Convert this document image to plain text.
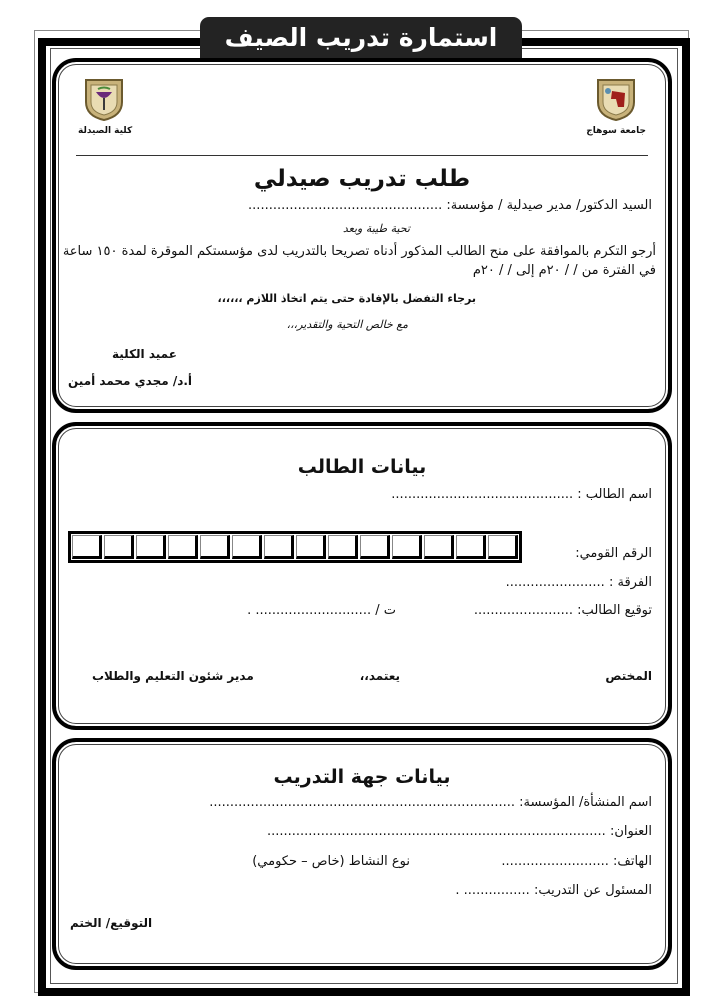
استمارة تدريب الصيف
جامعة سوهاج
كلية الصيدلة
طلب تدريب صيدلي
السيد الدكتور/ مدير صيدلية / مؤسسة: ...............................................
تحية طيبة وبعد
أرجو التكرم بالموافقة على منح الطالب المذكور أدناه تصريحا بالتدريب لدى مؤسستكم الموقرة لمدة ١٥٠ ساعة
في الفترة من / / ٢٠م إلى / / ٢٠م
برجاء التفضل بالإفادة حتى يتم اتخاذ اللازم ،،،،،،
مع خالص التحية والتقدير،،،
عميد الكلية
أ.د/ مجدي محمد أمين
بيانات الطالب
اسم الطالب : ............................................
الرقم القومي:
الفرقة : ........................
توقيع الطالب: ........................
ت / ............................ .
المختص
يعتمد،،
مدير شئون التعليم والطلاب
بيانات جهة التدريب
اسم المنشأة/ المؤسسة: ..........................................................................
العنوان: ..................................................................................
الهاتف: ..........................
نوع النشاط (خاص – حكومي)
المسئول عن التدريب: ................ .
التوقيع/ الختم
